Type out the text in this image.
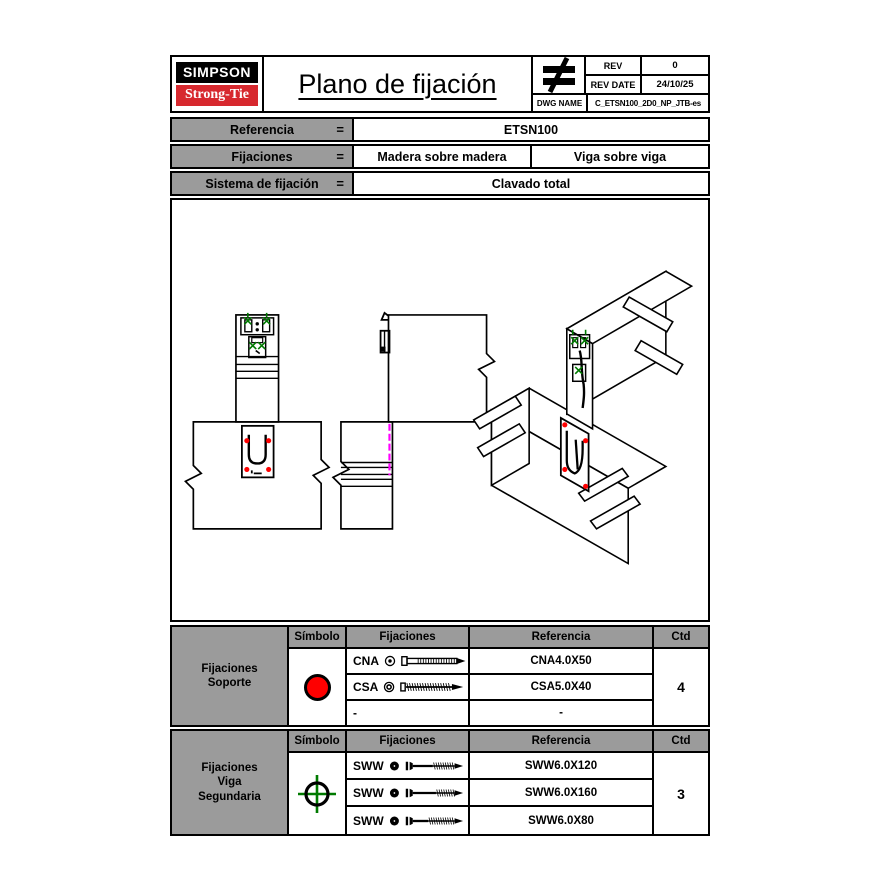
SIMPSON
Strong-Tie	Plano de fijación
REV	0
REV DATE	24/10/25
DWG NAME	C_ETSN100_2D0_NP_JTB-es
Referencia	=	ETSN100
Fijaciones	=	Madera sobre madera	Viga sobre viga
Sistema de fijación =	Clavado total
Fijaciones
Soporte
Símbolo	Fijaciones	Referencia	Ctd
CNA	CNA4.0X50
CSA	CSA5.0X40
-	-
4
Fijaciones
Viga
Segundaria
Símbolo	Fijaciones	Referencia	Ctd
SWW	SWW6.0X120
SWW	SWW6.0X160
SWW	SWW6.0X80
3
